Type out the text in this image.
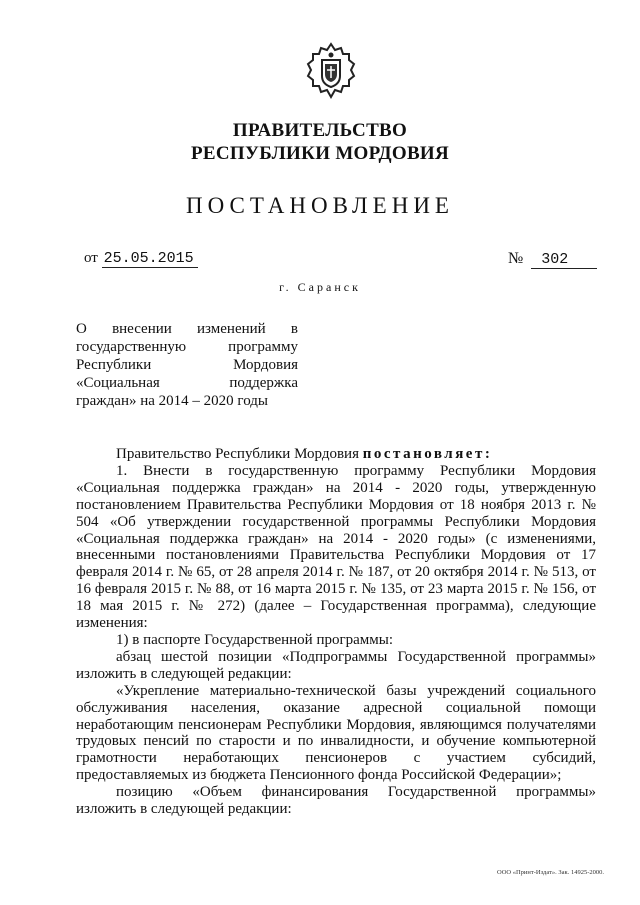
ПРАВИТЕЛЬСТВО
РЕСПУБЛИКИ МОРДОВИЯ
ПОСТАНОВЛЕНИЕ
от 25.05.2015	№ 302
г. Саранск
О внесении изменений в
государственную программу
Республики Мордовия
«Социальная поддержка
граждан» на 2014 – 2020 годы

Правительство Республики Мордовия постановляет:

1. Внести в государственную программу Республики Мордовия «Социальная поддержка граждан» на 2014 - 2020 годы, утвержденную постановлением Правительства Республики Мордовия от 18 ноября 2013 г. № 504 «Об утверждении государственной программы Республики Мордовия «Социальная поддержка граждан» на 2014 - 2020 годы» (с изменениями, внесенными постановлениями Правительства Республики Мордовия от 17 февраля 2014 г. № 65, от 28 апреля 2014 г. № 187, от 20 октября 2014 г. № 513, от 16 февраля 2015 г. № 88, от 16 марта 2015 г. № 135, от 23 марта 2015 г. № 156, от 18 мая 2015 г. № 272) (далее – Государственная программа), следующие изменения:

1) в паспорте Государственной программы:

абзац шестой позиции «Подпрограммы Государственной программы» изложить в следующей редакции:

«Укрепление материально-технической базы учреждений социального обслуживания населения, оказание адресной социальной помощи неработающим пенсионерам Республики Мордовия, являющимся получателями трудовых пенсий по старости и по инвалидности, и обучение компьютерной грамотности неработающих пенсионеров с участием субсидий, предоставляемых из бюджета Пенсионного фонда Российской Федерации»;

позицию «Объем финансирования Государственной программы» изложить в следующей редакции:

ООО «Принт-Издат». Зак. 14925-2000.
